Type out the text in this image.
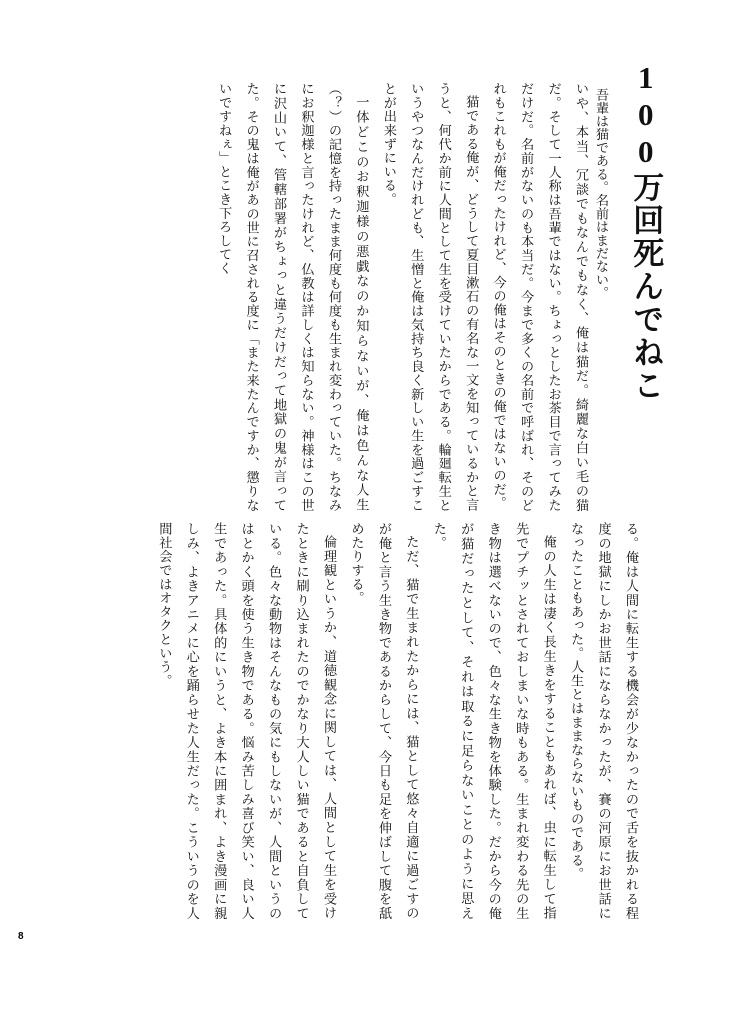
100万回死んでねこ
吾輩は猫である。名前はまだない。
いや、本当、冗談でもなんでもなく、俺は猫だ。綺麗な白い毛の猫だ。そして一人称は吾輩ではない。ちょっとしたお茶目で言ってみただけだ。名前がないのも本当だ。今まで多くの名前で呼ばれ、そのどれもこれもが俺だったけれど、今の俺はそのときの俺ではないのだ。
猫である俺が、どうして夏目漱石の有名な一文を知っているかと言うと、何代か前に人間として生を受けていたからである。輪廻転生というやつなんだけれども、生憎と俺は気持ち良く新しい生を過ごすことが出来ずにいる。
一体どこのお釈迦様の悪戯なのか知らないが、俺は色んな人生（？）の記憶を持ったまま何度も何度も生まれ変わっていた。ちなみにお釈迦様と言ったけれど、仏教は詳しくは知らない。神様はこの世に沢山いて、管轄部署がちょっと違うだけだって地獄の鬼が言ってた。その鬼は俺があの世に召される度に「また来たんですか、懲りないですねぇ」とこき下ろしてく
る。俺は人間に転生する機会が少なかったので舌を抜かれる程度の地獄にしかお世話にならなかったが、賽の河原にお世話になったこともあった。人生とはままならないものである。
俺の人生は凄く長生きをすることもあれば、虫に転生して指先でプチッとされておしまいな時もある。生まれ変わる先の生き物は選べないので、色々な生き物を体験した。だから今の俺が猫だったとして、それは取るに足らないことのように思えた。
ただ、猫で生まれたからには、猫として悠々自適に過ごすのが俺と言う生き物であるからして、今日も足を伸ばして腹を舐めたりする。
倫理観というか、道徳観念に関しては、人間として生を受けたときに刷り込まれたのでかなり大人しい猫であると自負している。色々な動物はそんなもの気にもしないが、人間というのはとかく頭を使う生き物である。悩み苦しみ喜び笑い、良い人生であった。具体的にいうと、よき本に囲まれ、よき漫画に親しみ、よきアニメに心を踊らせた人生だった。こういうのを人間社会ではオタクという。
8
